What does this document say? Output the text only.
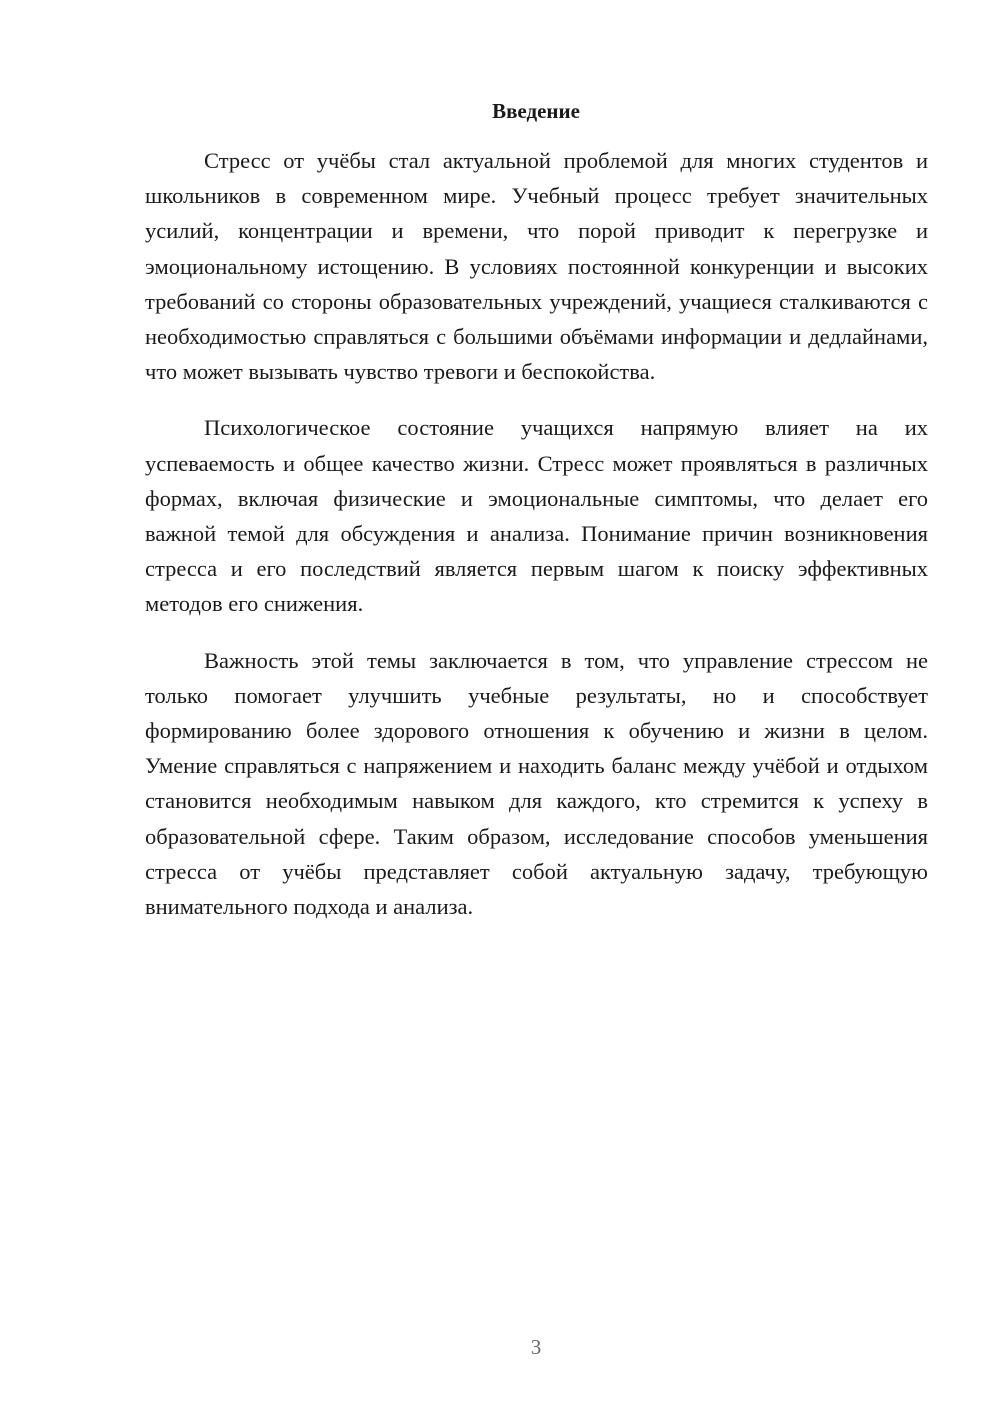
Введение

Стресс от учёбы стал актуальной проблемой для многих студентов и школьников в современном мире. Учебный процесс требует значительных усилий, концентрации и времени, что порой приводит к перегрузке и эмоциональному истощению. В условиях постоянной конкуренции и высоких требований со стороны образовательных учреждений, учащиеся сталкиваются с необходимостью справляться с большими объёмами информации и дедлайнами, что может вызывать чувство тревоги и беспокойства.

Психологическое состояние учащихся напрямую влияет на их успеваемость и общее качество жизни. Стресс может проявляться в различных формах, включая физические и эмоциональные симптомы, что делает его важной темой для обсуждения и анализа. Понимание причин возникновения стресса и его последствий является первым шагом к поиску эффективных методов его снижения.

Важность этой темы заключается в том, что управление стрессом не только помогает улучшить учебные результаты, но и способствует формированию более здорового отношения к обучению и жизни в целом. Умение справляться с напряжением и находить баланс между учёбой и отдыхом становится необходимым навыком для каждого, кто стремится к успеху в образовательной сфере. Таким образом, исследование способов уменьшения стресса от учёбы представляет собой актуальную задачу, требующую внимательного подхода и анализа.

3
